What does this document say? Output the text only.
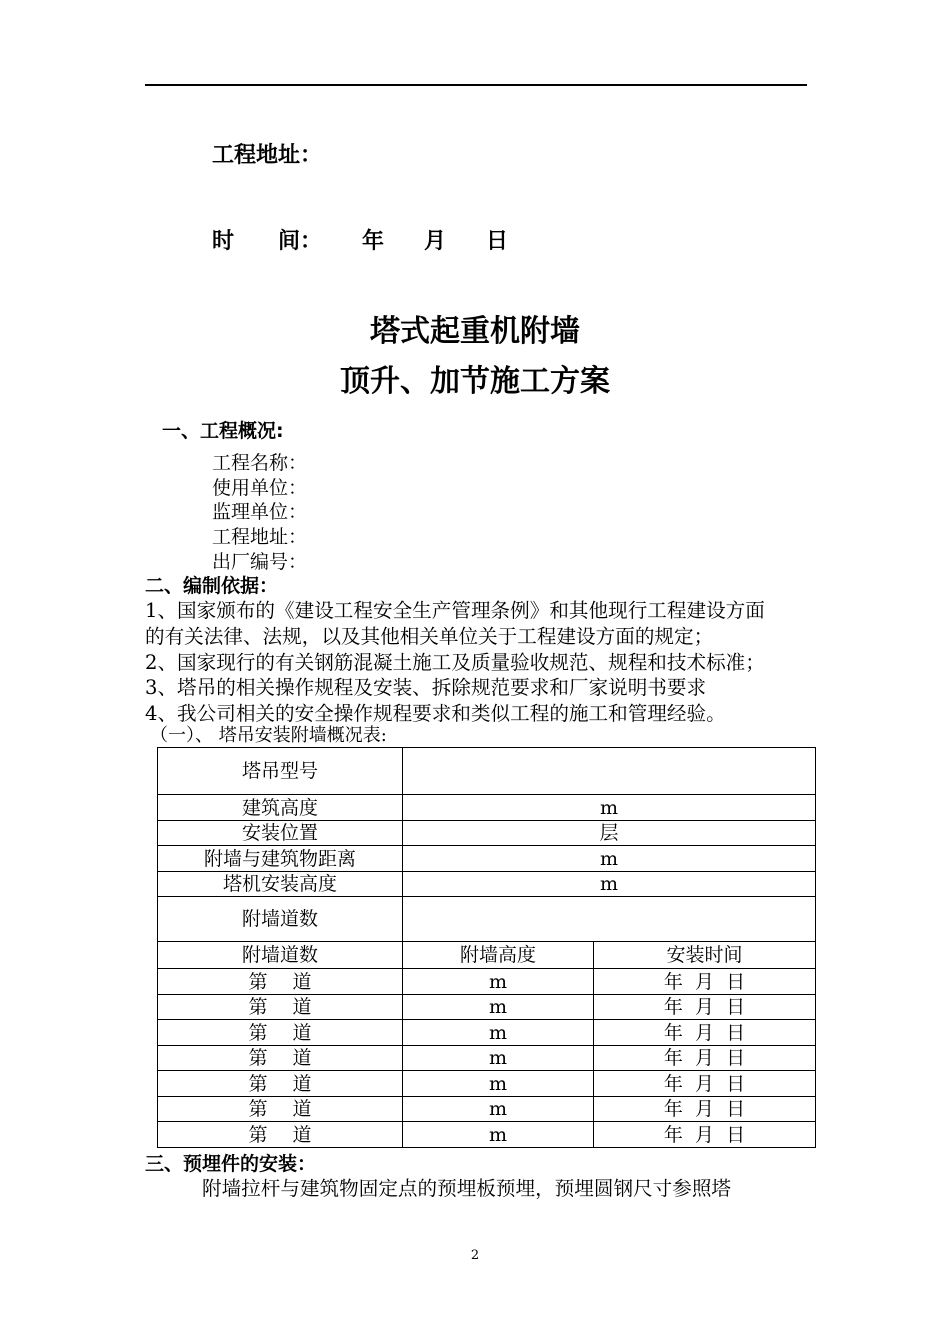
工程地址：
时　　间： 年 月 日
塔式起重机附墙
顶升、加节施工方案
一、工程概况:
工程名称：
使用单位：
监理单位：
工程地址：
出厂编号：
二、编制依据：
1、国家颁布的《建设工程安全生产管理条例》和其他现行工程建设方面
的有关法律、法规，以及其他相关单位关于工程建设方面的规定；
2、国家现行的有关钢筋混凝土施工及质量验收规范、规程和技术标准；
3、塔吊的相关操作规程及安装、拆除规范要求和厂家说明书要求
4、我公司相关的安全操作规程要求和类似工程的施工和管理经验。
（一）、 塔吊安装附墙概况表:
塔吊型号		
建筑高度	m	
安装位置	层	
附墙与建筑物距离	m	
塔机安装高度	m	
附墙道数		
附墙道数	附墙高度	安装时间
第　 道	m	年  月  日
第　 道	m	年  月  日
第　 道	m	年  月  日
第　 道	m	年  月  日
第　 道	m	年  月  日
第　 道	m	年  月  日
第　 道	m	年  月  日
三、预埋件的安装：
附墙拉杆与建筑物固定点的预埋板预埋，预埋圆钢尺寸参照塔
2
